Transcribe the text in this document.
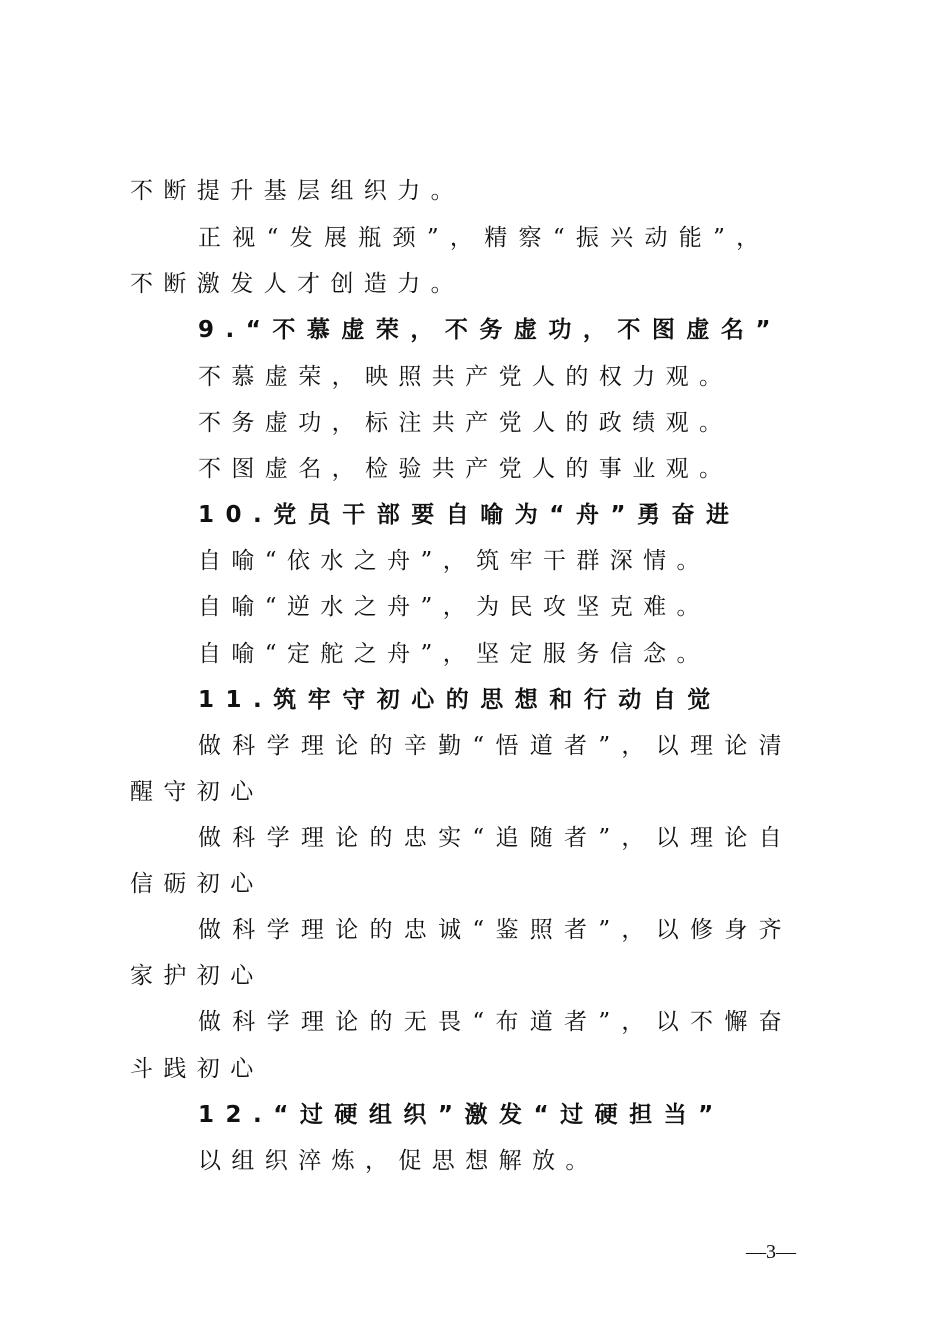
不断提升基层组织力。
正视“发展瓶颈”，精察“振兴动能”，
不断激发人才创造力。
9.“不慕虚荣，不务虚功，不图虚名”
不慕虚荣，映照共产党人的权力观。
不务虚功，标注共产党人的政绩观。
不图虚名，检验共产党人的事业观。
10.党员干部要自喻为“舟”勇奋进
自喻“依水之舟”，筑牢干群深情。
自喻“逆水之舟”，为民攻坚克难。
自喻“定舵之舟”，坚定服务信念。
11.筑牢守初心的思想和行动自觉
做科学理论的辛勤“悟道者”，以理论清
醒守初心
做科学理论的忠实“追随者”，以理论自
信砺初心
做科学理论的忠诚“鉴照者”，以修身齐
家护初心
做科学理论的无畏“布道者”，以不懈奋
斗践初心
12.“过硬组织”激发“过硬担当”
以组织淬炼，促思想解放。
—3—
